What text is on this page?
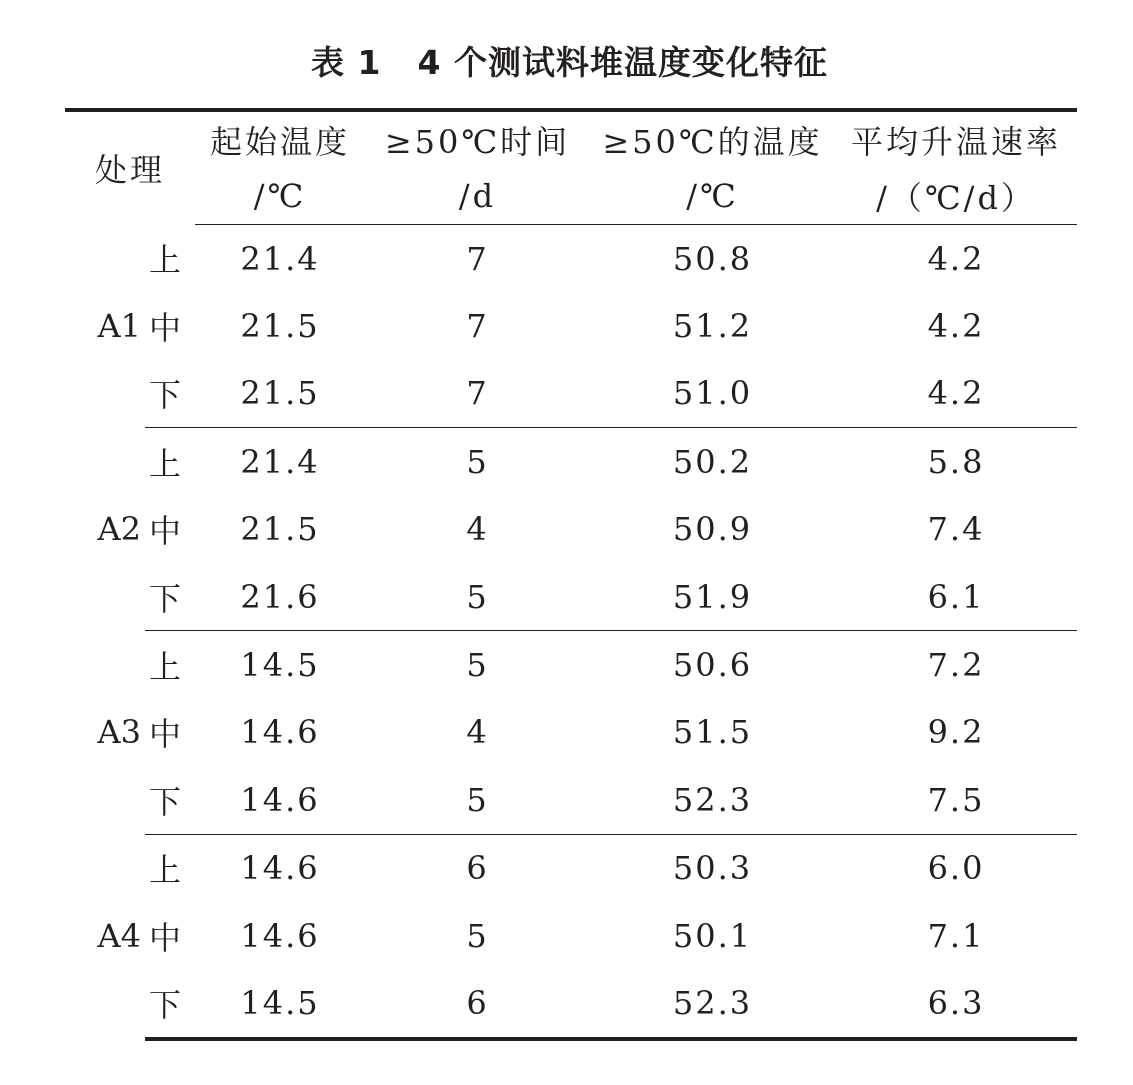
表 1 4 个测试料堆温度变化特征
处理		起始温度	≥50℃时间	≥50℃的温度	平均升温速率
		/℃	/d	/℃	/（℃/d）
A1	上	21.4	7	50.8	4.2
	中	21.5	7	51.2	4.2
	下	21.5	7	51.0	4.2
A2	上	21.4	5	50.2	5.8
	中	21.5	4	50.9	7.4
	下	21.6	5	51.9	6.1
A3	上	14.5	5	50.6	7.2
	中	14.6	4	51.5	9.2
	下	14.6	5	52.3	7.5
A4	上	14.6	6	50.3	6.0
	中	14.6	5	50.1	7.1
	下	14.5	6	52.3	6.3
